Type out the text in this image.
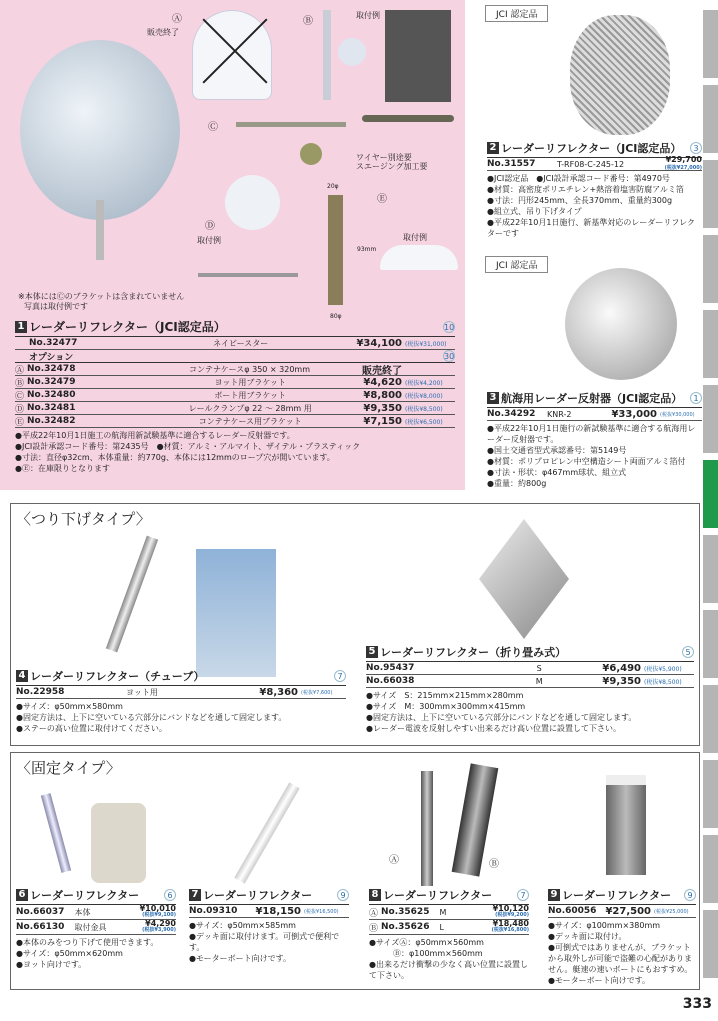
Ⓐ
販売終了
Ⓑ
取付例
Ⓒ
ワイヤー別途要
スエージング加工要
Ⓓ
取付例
20φ
93mm
80φ
Ⓔ
取付例
※本体にはⒸのブラケットは含まれていません
写真は取付例です
1 レーダーリフレクター（JCI認定品）	10
No.32477	ネイビースター	¥34,100 (税抜¥31,000)
オプション	30
Ⓐ No.32478	コンテナケースφ 350 × 320mm	販売終了
Ⓑ No.32479	ヨット用ブラケット	¥4,620 (税抜¥4,200)
Ⓒ No.32480	ボート用ブラケット	¥8,800 (税抜¥8,000)
Ⓓ No.32481	レールクランプφ 22 ～ 28mm 用	¥9,350 (税抜¥8,500)
Ⓔ No.32482	コンテナケース用ブラケット	¥7,150 (税抜¥6,500)
●平成22年10月1日施工の航海用新試験基準に適合するレーダー反射器です。
●JCI設計承認コード番号：第2435号　●材質：アルミ・アルマイト、ザイテル・プラスティック
●寸法：直径φ32cm、本体重量：約770g、本体には12mmのロープ穴が開いています。
●Ⓔ：在庫限りとなります
JCI 認定品
2 レーダーリフレクター（JCI認定品）	3
No.31557	T-RF08-C-245-12	¥29,700
(税抜¥27,000)
●JCI認定品　●JCI設計承認コード番号：第4970号
●材質：高密度ポリエチレン+熱溶着塩害防腐アルミ箔
●寸法：円形245mm、全長370mm、重量約300g
●組立式、吊り下げタイプ
●平成22年10月1日施行、新基準対応のレーダーリフレクターです
JCI 認定品
3 航海用レーダー反射器（JCI認定品）	1
No.34292	KNR-2	¥33,000 (税抜¥30,000)
●平成22年10月1日施行の新試験基準に適合する航海用レーダー反射器です。
●国土交通省型式承認番号：第5149号
●材質：ポリプロピレン中空構造シート両面アルミ箔付
●寸法・形状：φ467mm球状、組立式
●重量：約800g
〈つり下げタイプ〉
4 レーダーリフレクター（チューブ）	7
No.22958	ヨット用	¥8,360 (税抜¥7,600)
●サイズ：φ50mm×580mm
●固定方法は、上下に空いている穴部分にバンドなどを通して固定します。
●ステーの高い位置に取付けてください。
5 レーダーリフレクター（折り畳み式）	5
No.95437	S	¥6,490 (税抜¥5,900)
No.66038	M	¥9,350 (税抜¥8,500)
●サイズ　S：215mm×215mm×280mm
●サイズ　M：300mm×300mm×415mm
●固定方法は、上下に空いている穴部分にバンドなどを通して固定します。
●レーダー電波を反射しやすい出来るだけ高い位置に設置して下さい。
〈固定タイプ〉
Ⓐ	Ⓑ
6 レーダーリフレクター	6
No.66037 本体	¥10,010
(税抜¥9,100)
No.66130 取付金具	¥4,290
(税抜¥3,900)
●本体のみをつり下げて使用できます。
●サイズ：φ50mm×620mm
●ヨット向けです。
7 レーダーリフレクター	9
No.09310	¥18,150 (税抜¥16,500)
●サイズ：φ50mm×585mm
●デッキ面に取付けます。可倒式で便利です。
●モーターボート向けです。
8 レーダーリフレクター	7
Ⓐ No.35625 M	¥10,120
(税抜¥9,200)
Ⓑ No.35626 L	¥18,480
(税抜¥16,800)
●サイズⒶ：φ50mm×560mm
　　　Ⓑ：φ100mm×560mm
●出来るだけ衝撃の少なく高い位置に設置して下さい。
9 レーダーリフレクター	9
No.60056 ¥27,500 (税抜¥25,000)
●サイズ：φ100mm×380mm
●デッキ面に取付け。
●可倒式ではありませんが、ブラケットから取外しが可能で盗難の心配がありません。艇速の速いボートにもおすすめ。
●モーターボート向けです。
333
